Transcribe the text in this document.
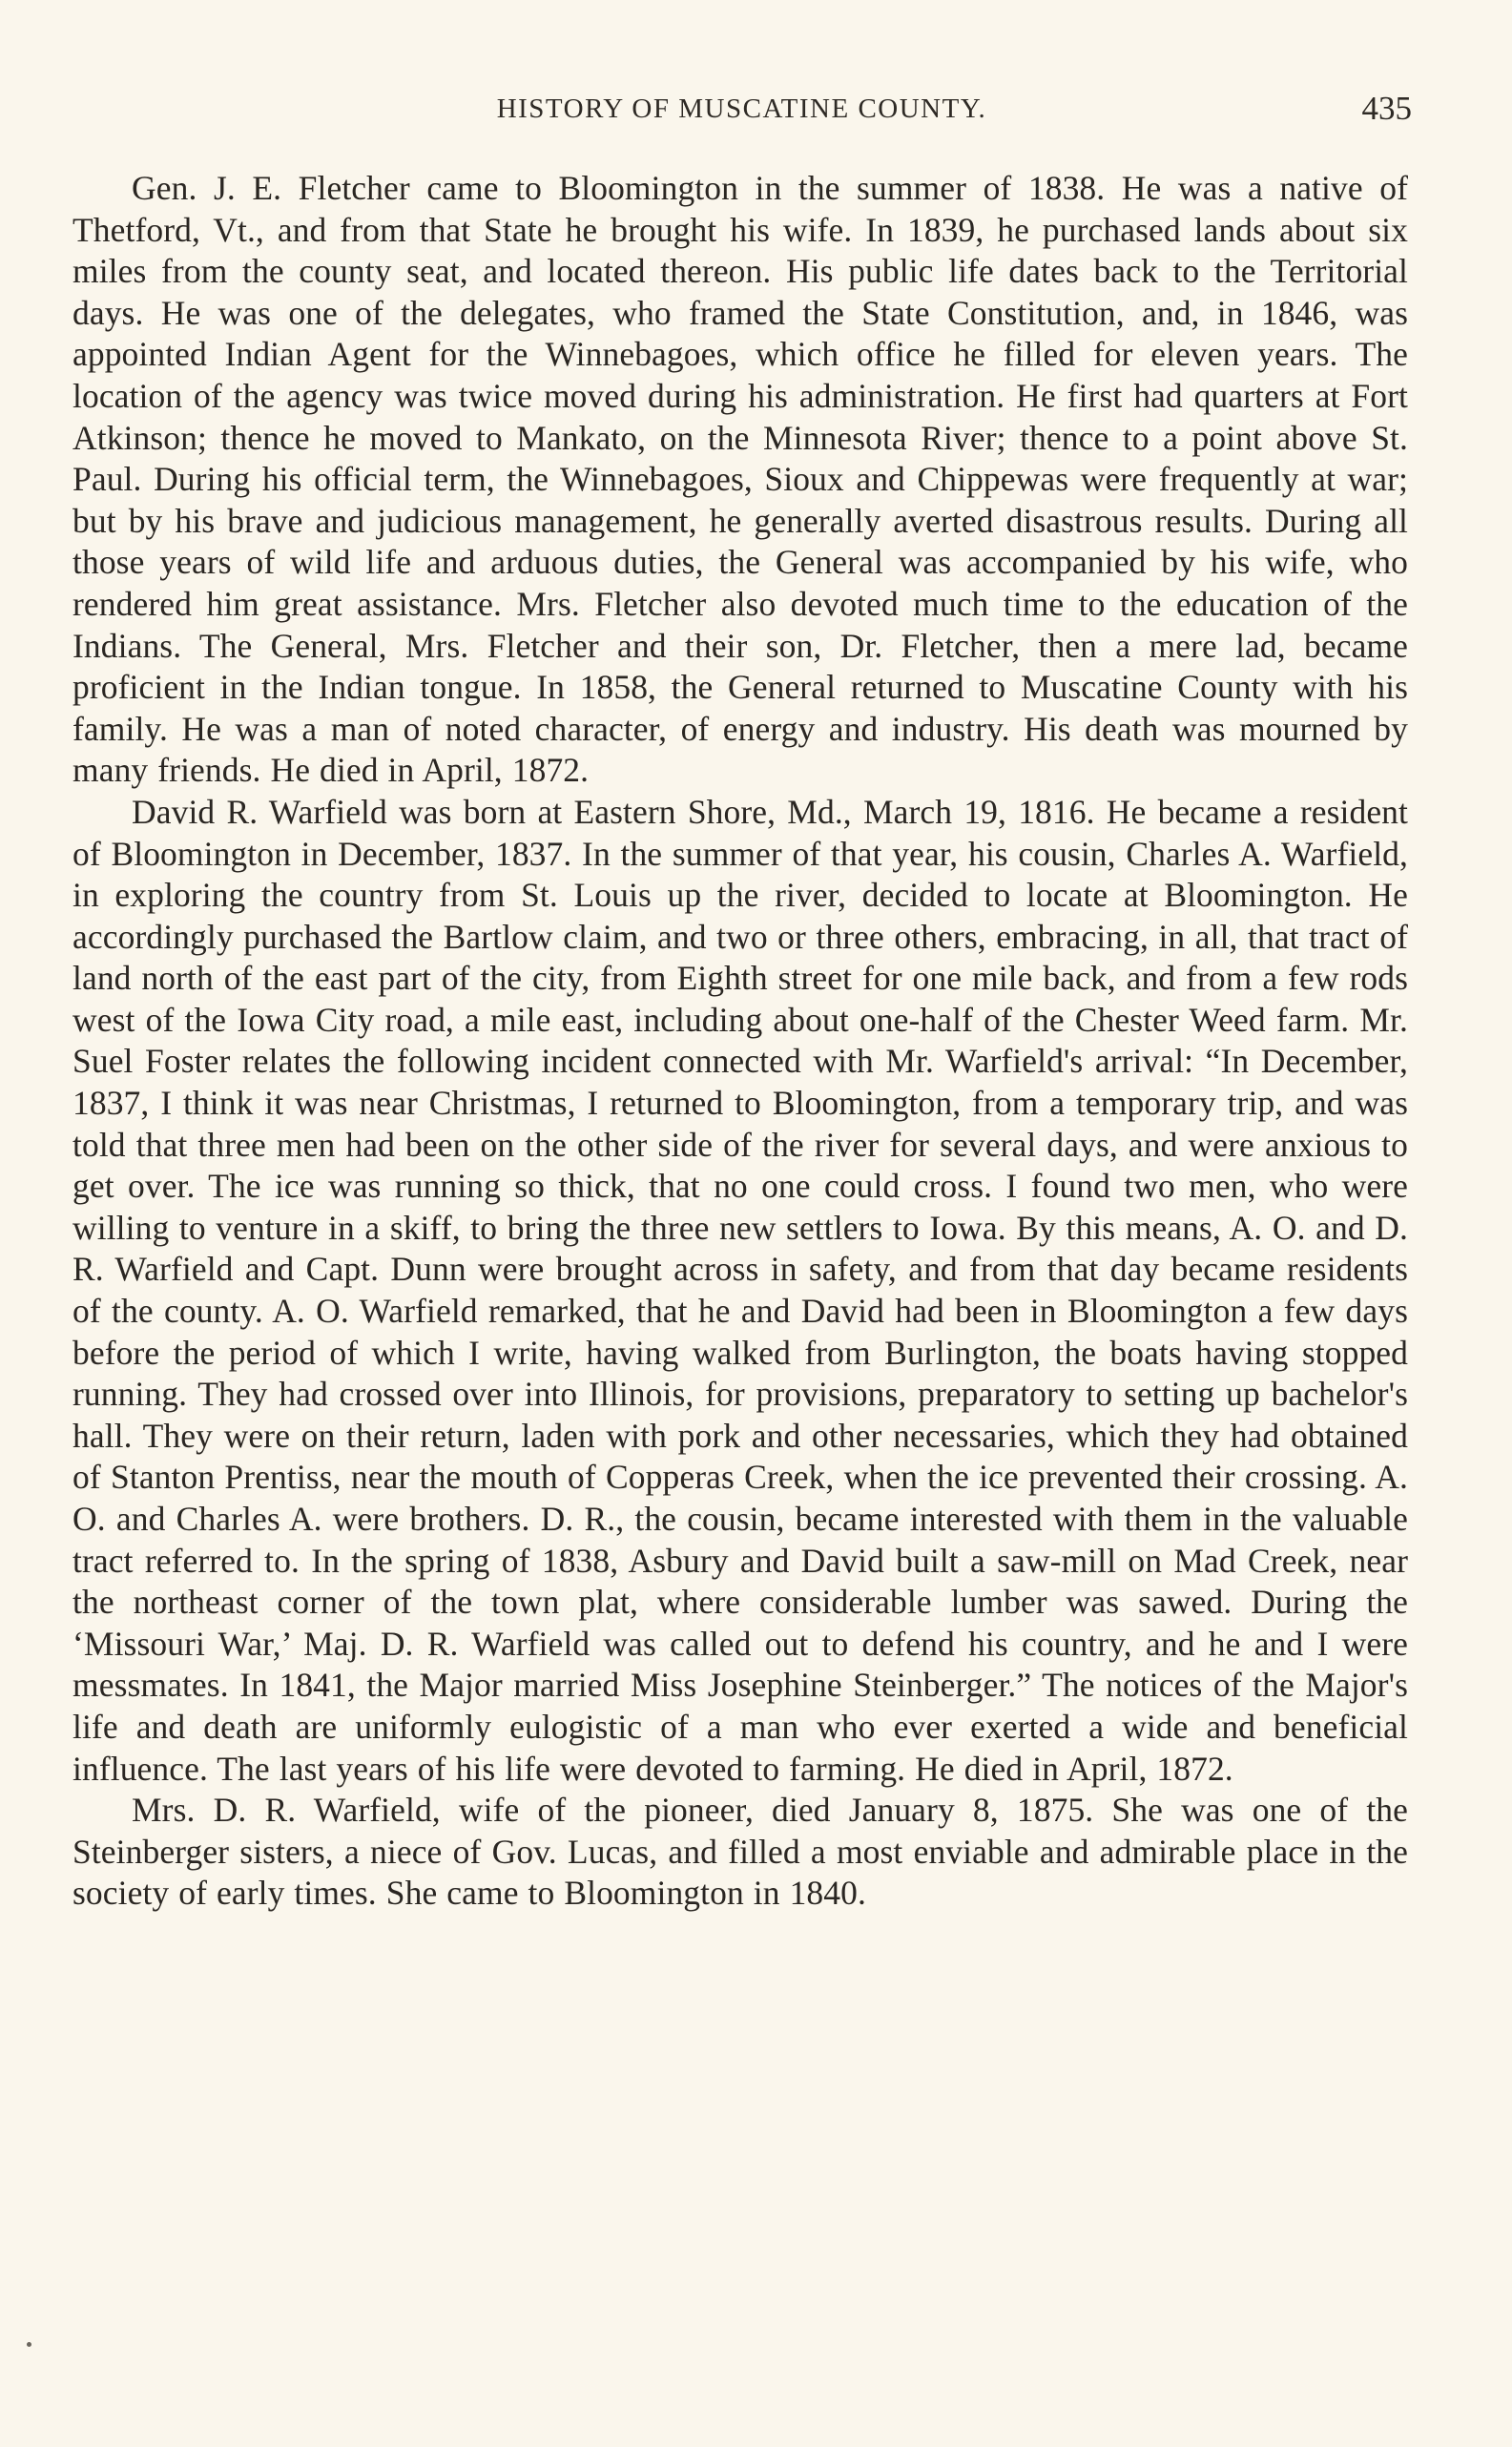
HISTORY OF MUSCATINE COUNTY.	435

Gen. J. E. Fletcher came to Bloomington in the summer of 1838. He was a native of Thetford, Vt., and from that State he brought his wife. In 1839, he purchased lands about six miles from the county seat, and located thereon. His public life dates back to the Territorial days. He was one of the delegates, who framed the State Constitution, and, in 1846, was appointed Indian Agent for the Winnebagoes, which office he filled for eleven years. The location of the agency was twice moved during his administration. He first had quarters at Fort Atkinson; thence he moved to Mankato, on the Minnesota River; thence to a point above St. Paul. During his official term, the Winnebagoes, Sioux and Chippewas were frequently at war; but by his brave and judicious management, he generally averted disastrous results. During all those years of wild life and arduous duties, the General was accompanied by his wife, who rendered him great assistance. Mrs. Fletcher also devoted much time to the education of the Indians. The General, Mrs. Fletcher and their son, Dr. Fletcher, then a mere lad, became proficient in the Indian tongue. In 1858, the General returned to Muscatine County with his family. He was a man of noted character, of energy and industry. His death was mourned by many friends. He died in April, 1872.

David R. Warfield was born at Eastern Shore, Md., March 19, 1816. He became a resident of Bloomington in December, 1837. In the summer of that year, his cousin, Charles A. Warfield, in exploring the country from St. Louis up the river, decided to locate at Bloomington. He accordingly purchased the Bartlow claim, and two or three others, embracing, in all, that tract of land north of the east part of the city, from Eighth street for one mile back, and from a few rods west of the Iowa City road, a mile east, including about one-half of the Chester Weed farm. Mr. Suel Foster relates the following incident connected with Mr. Warfield's arrival: “In December, 1837, I think it was near Christmas, I returned to Bloomington, from a temporary trip, and was told that three men had been on the other side of the river for several days, and were anxious to get over. The ice was running so thick, that no one could cross. I found two men, who were willing to venture in a skiff, to bring the three new settlers to Iowa. By this means, A. O. and D. R. Warfield and Capt. Dunn were brought across in safety, and from that day became residents of the county. A. O. Warfield remarked, that he and David had been in Bloomington a few days before the period of which I write, having walked from Burlington, the boats having stopped running. They had crossed over into Illinois, for provisions, preparatory to setting up bachelor's hall. They were on their return, laden with pork and other necessaries, which they had obtained of Stanton Prentiss, near the mouth of Copperas Creek, when the ice prevented their crossing. A. O. and Charles A. were brothers. D. R., the cousin, became interested with them in the valuable tract referred to. In the spring of 1838, Asbury and David built a saw-mill on Mad Creek, near the northeast corner of the town plat, where considerable lumber was sawed. During the ‘Missouri War,’ Maj. D. R. Warfield was called out to defend his country, and he and I were messmates. In 1841, the Major married Miss Josephine Steinberger.” The notices of the Major's life and death are uniformly eulogistic of a man who ever exerted a wide and beneficial influence. The last years of his life were devoted to farming. He died in April, 1872.

Mrs. D. R. Warfield, wife of the pioneer, died January 8, 1875. She was one of the Steinberger sisters, a niece of Gov. Lucas, and filled a most enviable and admirable place in the society of early times. She came to Bloomington in 1840.
